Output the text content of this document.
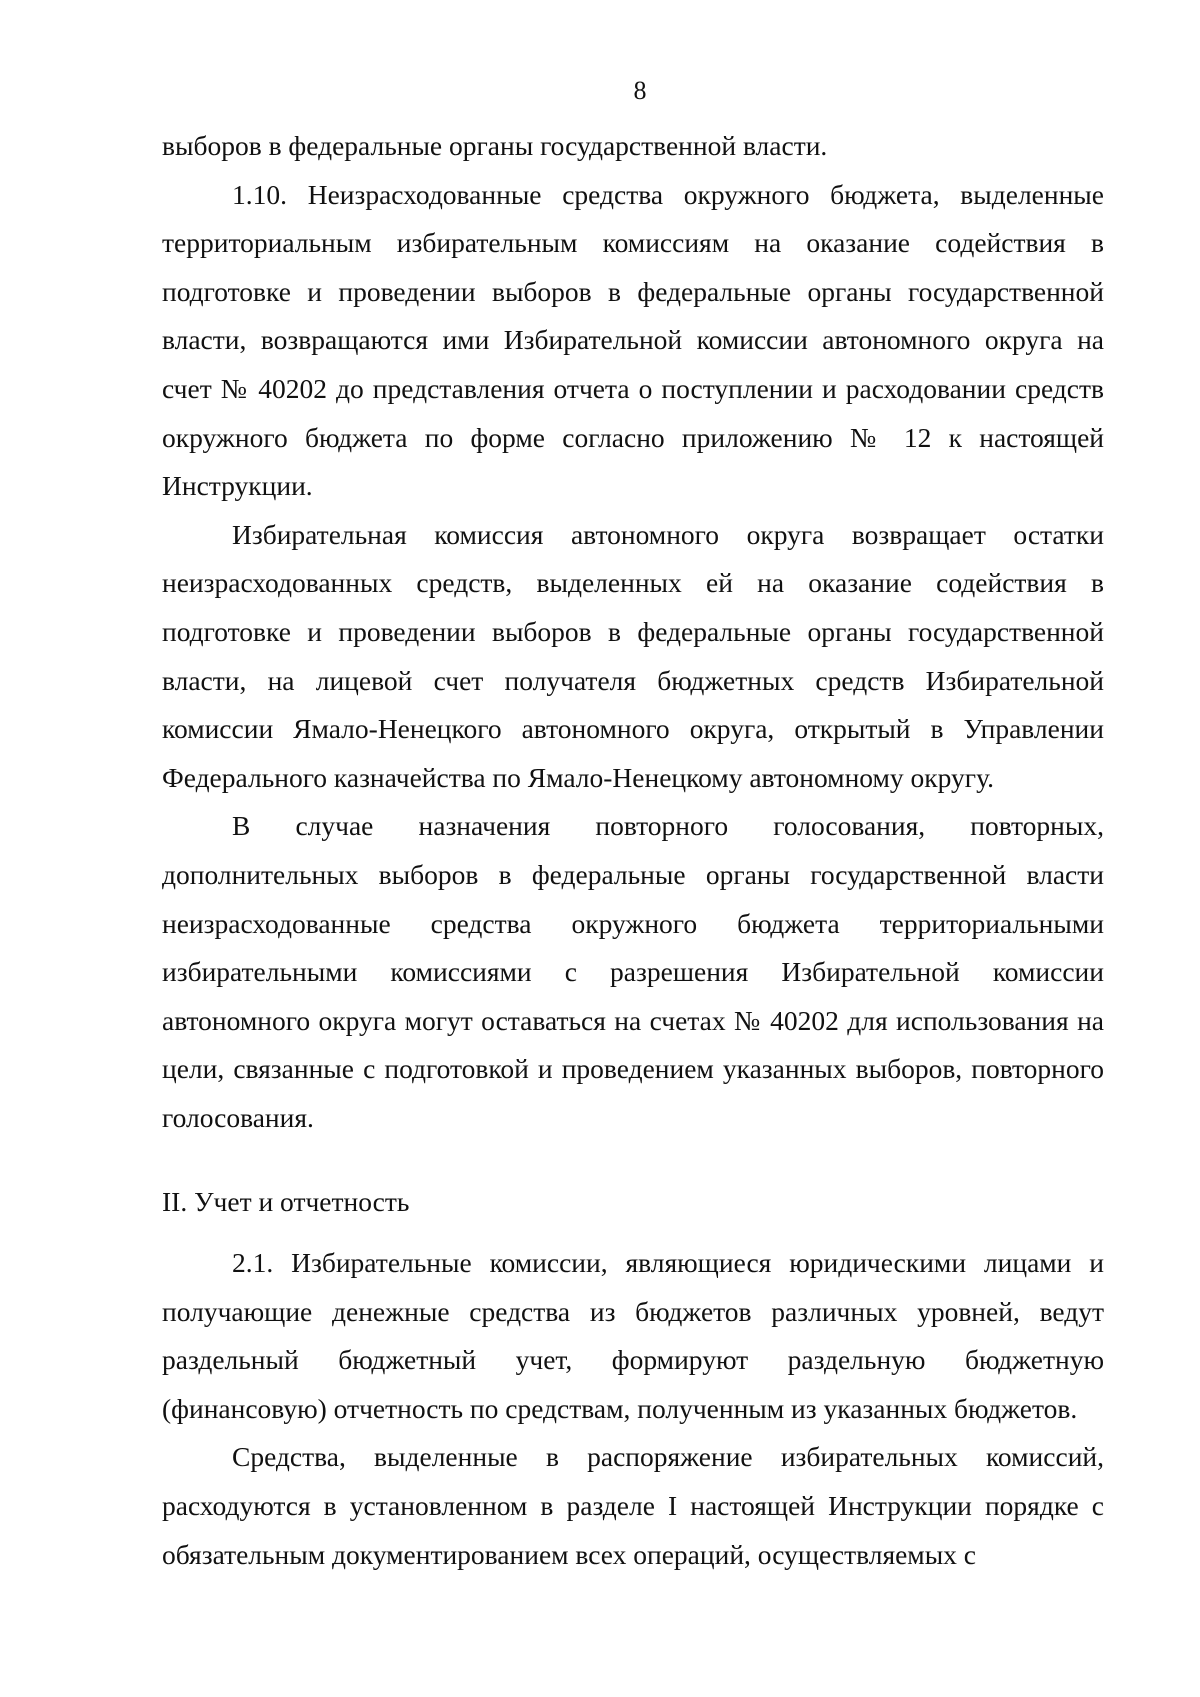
8

выборов в федеральные органы государственной власти.

1.10. Неизрасходованные средства окружного бюджета, выделенные территориальным избирательным комиссиям на оказание содействия в подготовке и проведении выборов в федеральные органы государственной власти, возвращаются ими Избирательной комиссии автономного округа на счет № 40202 до представления отчета о поступлении и расходовании средств окружного бюджета по форме согласно приложению № 12 к настоящей Инструкции.

Избирательная комиссия автономного округа возвращает остатки неизрасходованных средств, выделенных ей на оказание содействия в подготовке и проведении выборов в федеральные органы государственной власти, на лицевой счет получателя бюджетных средств Избирательной комиссии Ямало-Ненецкого автономного округа, открытый в Управлении Федерального казначейства по Ямало-Ненецкому автономному округу.

В случае назначения повторного голосования, повторных, дополнительных выборов в федеральные органы государственной власти неизрасходованные средства окружного бюджета территориальными избирательными комиссиями с разрешения Избирательной комиссии автономного округа могут оставаться на счетах № 40202 для использования на цели, связанные с подготовкой и проведением указанных выборов, повторного голосования.

II. Учет и отчетность

2.1. Избирательные комиссии, являющиеся юридическими лицами и получающие денежные средства из бюджетов различных уровней, ведут раздельный бюджетный учет, формируют раздельную бюджетную (финансовую) отчетность по средствам, полученным из указанных бюджетов.

Средства, выделенные в распоряжение избирательных комиссий, расходуются в установленном в разделе I настоящей Инструкции порядке с обязательным документированием всех операций, осуществляемых с
